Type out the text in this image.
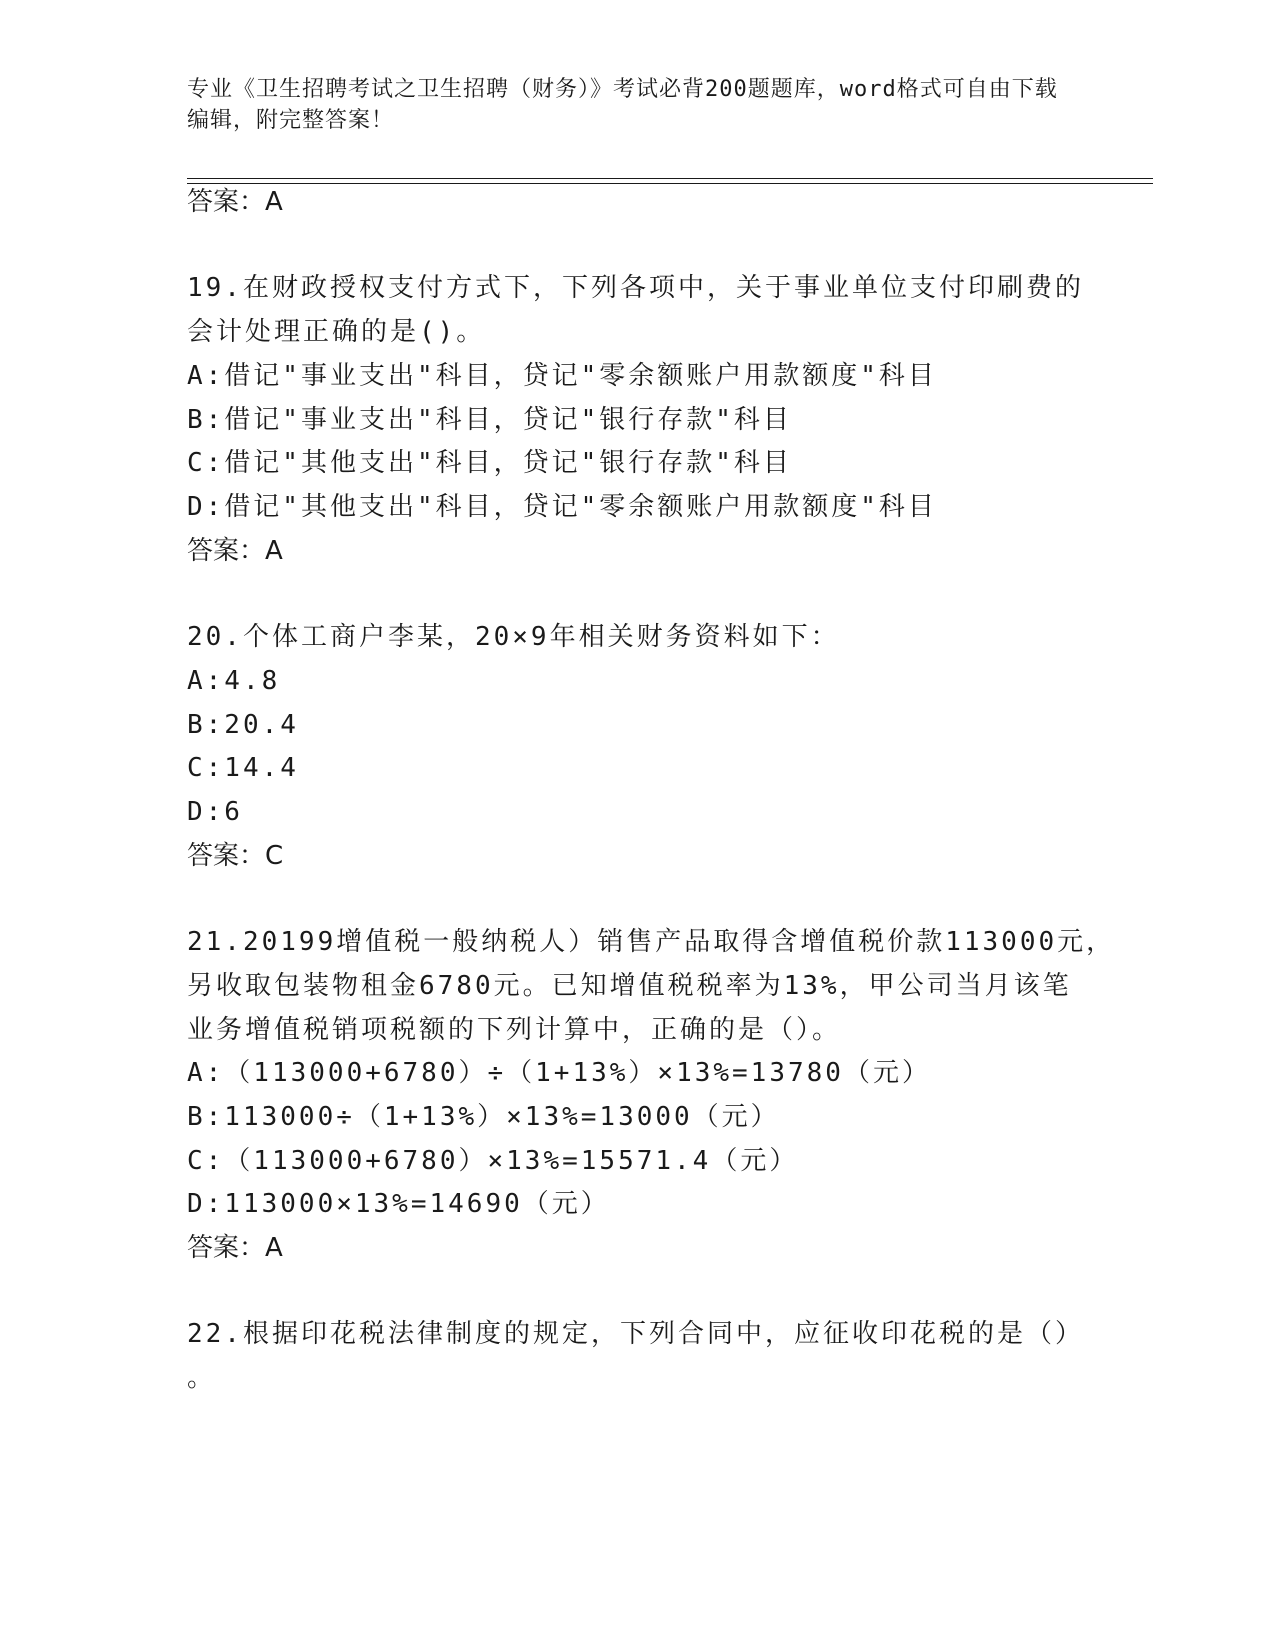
专业《卫生招聘考试之卫生招聘（财务）》考试必背200题题库，word格式可自由下载编辑，附完整答案！
答案：A
19.在财政授权支付方式下，下列各项中，关于事业单位支付印刷费的
会计处理正确的是()。
A:借记"事业支出"科目，贷记"零余额账户用款额度"科目
B:借记"事业支出"科目，贷记"银行存款"科目
C:借记"其他支出"科目，贷记"银行存款"科目
D:借记"其他支出"科目，贷记"零余额账户用款额度"科目
答案：A
20.个体工商户李某，20×9年相关财务资料如下：
A:4.8
B:20.4
C:14.4
D:6
答案：C
21.20199增值税一般纳税人）销售产品取得含增值税价款113000元，
另收取包装物租金6780元。已知增值税税率为13%，甲公司当月该笔
业务增值税销项税额的下列计算中，正确的是（）。
A:（113000+6780）÷（1+13%）×13%=13780（元）
B:113000÷（1+13%）×13%=13000（元）
C:（113000+6780）×13%=15571.4（元）
D:113000×13%=14690（元）
答案：A
22.根据印花税法律制度的规定，下列合同中，应征收印花税的是（）
。
